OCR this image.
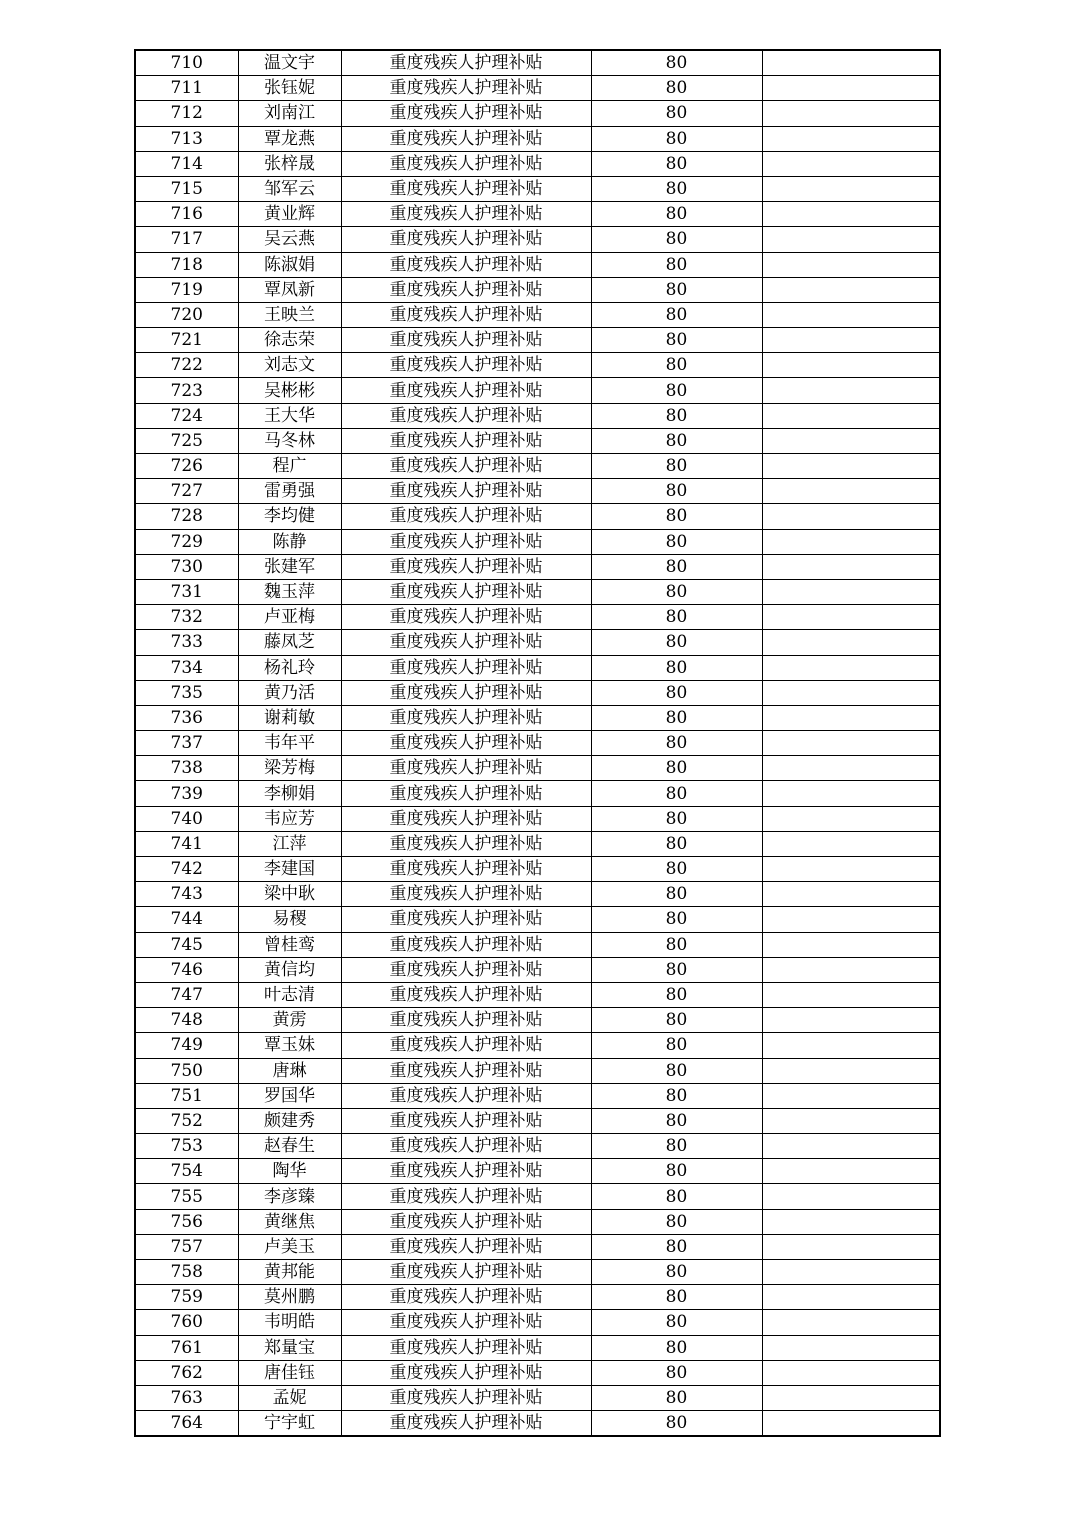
710	温文宇	重度残疾人护理补贴	80	
711	张钰妮	重度残疾人护理补贴	80	
712	刘南江	重度残疾人护理补贴	80	
713	覃龙燕	重度残疾人护理补贴	80	
714	张梓晟	重度残疾人护理补贴	80	
715	邹军云	重度残疾人护理补贴	80	
716	黄业辉	重度残疾人护理补贴	80	
717	吴云燕	重度残疾人护理补贴	80	
718	陈淑娟	重度残疾人护理补贴	80	
719	覃凤新	重度残疾人护理补贴	80	
720	王映兰	重度残疾人护理补贴	80	
721	徐志荣	重度残疾人护理补贴	80	
722	刘志文	重度残疾人护理补贴	80	
723	吴彬彬	重度残疾人护理补贴	80	
724	王大华	重度残疾人护理补贴	80	
725	马冬林	重度残疾人护理补贴	80	
726	程广	重度残疾人护理补贴	80	
727	雷勇强	重度残疾人护理补贴	80	
728	李均健	重度残疾人护理补贴	80	
729	陈静	重度残疾人护理补贴	80	
730	张建军	重度残疾人护理补贴	80	
731	魏玉萍	重度残疾人护理补贴	80	
732	卢亚梅	重度残疾人护理补贴	80	
733	藤凤芝	重度残疾人护理补贴	80	
734	杨礼玲	重度残疾人护理补贴	80	
735	黄乃活	重度残疾人护理补贴	80	
736	谢莉敏	重度残疾人护理补贴	80	
737	韦年平	重度残疾人护理补贴	80	
738	梁芳梅	重度残疾人护理补贴	80	
739	李柳娟	重度残疾人护理补贴	80	
740	韦应芳	重度残疾人护理补贴	80	
741	江萍	重度残疾人护理补贴	80	
742	李建国	重度残疾人护理补贴	80	
743	梁中耿	重度残疾人护理补贴	80	
744	易稷	重度残疾人护理补贴	80	
745	曾桂鸾	重度残疾人护理补贴	80	
746	黄信均	重度残疾人护理补贴	80	
747	叶志清	重度残疾人护理补贴	80	
748	黄雳	重度残疾人护理补贴	80	
749	覃玉妹	重度残疾人护理补贴	80	
750	唐琳	重度残疾人护理补贴	80	
751	罗国华	重度残疾人护理补贴	80	
752	颇建秀	重度残疾人护理补贴	80	
753	赵春生	重度残疾人护理补贴	80	
754	陶华	重度残疾人护理补贴	80	
755	李彦臻	重度残疾人护理补贴	80	
756	黄继焦	重度残疾人护理补贴	80	
757	卢美玉	重度残疾人护理补贴	80	
758	黄邦能	重度残疾人护理补贴	80	
759	莫州鹏	重度残疾人护理补贴	80	
760	韦明皓	重度残疾人护理补贴	80	
761	郑量宝	重度残疾人护理补贴	80	
762	唐佳钰	重度残疾人护理补贴	80	
763	孟妮	重度残疾人护理补贴	80	
764	宁宇虹	重度残疾人护理补贴	80	
